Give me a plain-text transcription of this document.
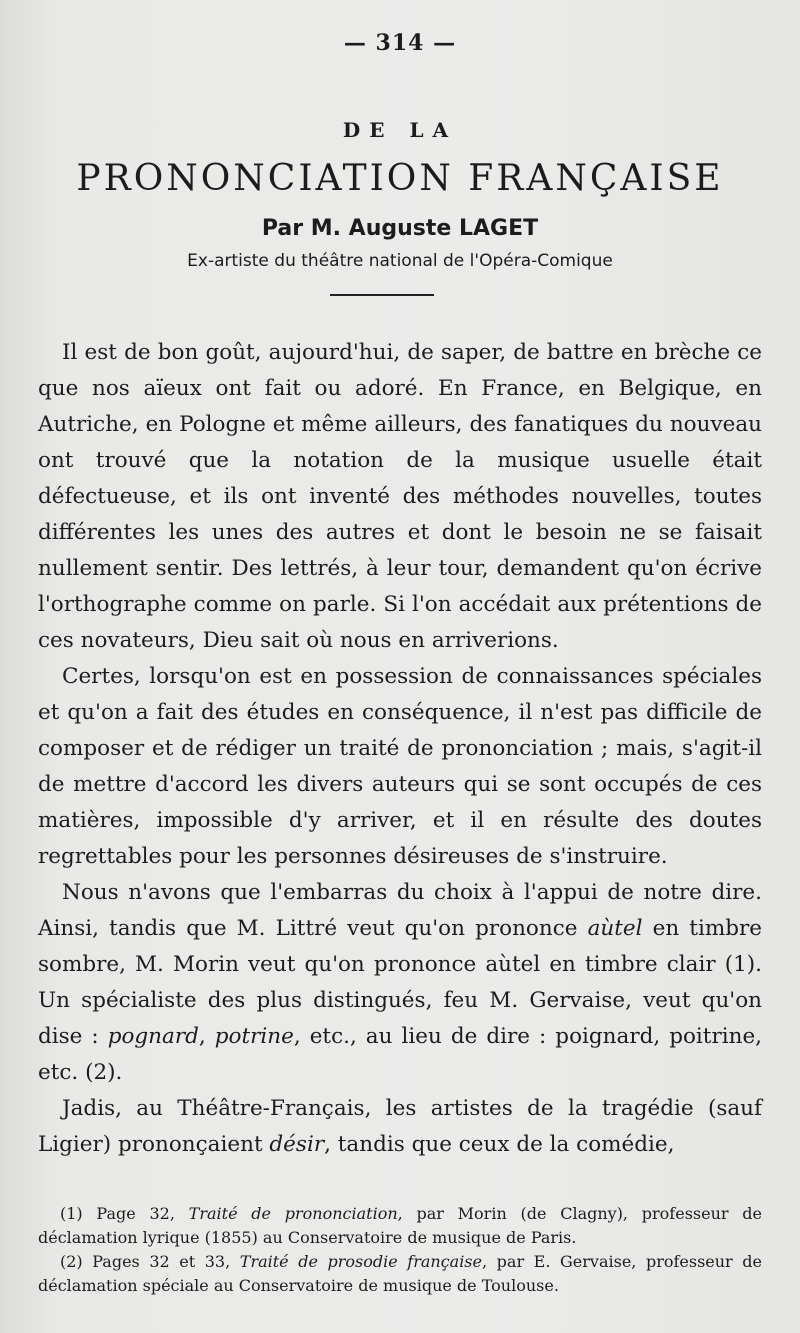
— 314 —
DE LA
PRONONCIATION FRANÇAISE
Par M. Auguste LAGET
Ex-artiste du théâtre national de l'Opéra-Comique

Il est de bon goût, aujourd'hui, de saper, de battre en brèche ce que nos aïeux ont fait ou adoré. En France, en Belgique, en Autriche, en Pologne et même ailleurs, des fanatiques du nouveau ont trouvé que la notation de la musique usuelle était défectueuse, et ils ont inventé des méthodes nouvelles, toutes différentes les unes des autres et dont le besoin ne se faisait nullement sentir. Des lettrés, à leur tour, demandent qu'on écrive l'orthographe comme on parle. Si l'on accédait aux prétentions de ces novateurs, Dieu sait où nous en arriverions.

Certes, lorsqu'on est en possession de connaissances spéciales et qu'on a fait des études en conséquence, il n'est pas difficile de composer et de rédiger un traité de prononciation ; mais, s'agit-il de mettre d'accord les divers auteurs qui se sont occupés de ces matières, impossible d'y arriver, et il en résulte des doutes regrettables pour les personnes désireuses de s'instruire.

Nous n'avons que l'embarras du choix à l'appui de notre dire. Ainsi, tandis que M. Littré veut qu'on prononce aùtel en timbre sombre, M. Morin veut qu'on prononce aùtel en timbre clair (1). Un spécialiste des plus distingués, feu M. Gervaise, veut qu'on dise : pognard, potrine, etc., au lieu de dire : poignard, poitrine, etc. (2).

Jadis, au Théâtre-Français, les artistes de la tragédie (sauf Ligier) prononçaient désir, tandis que ceux de la comédie,

(1) Page 32, Traité de prononciation, par Morin (de Clagny), professeur de déclamation lyrique (1855) au Conservatoire de musique de Paris.

(2) Pages 32 et 33, Traité de prosodie française, par E. Gervaise, professeur de déclamation spéciale au Conservatoire de musique de Toulouse.
